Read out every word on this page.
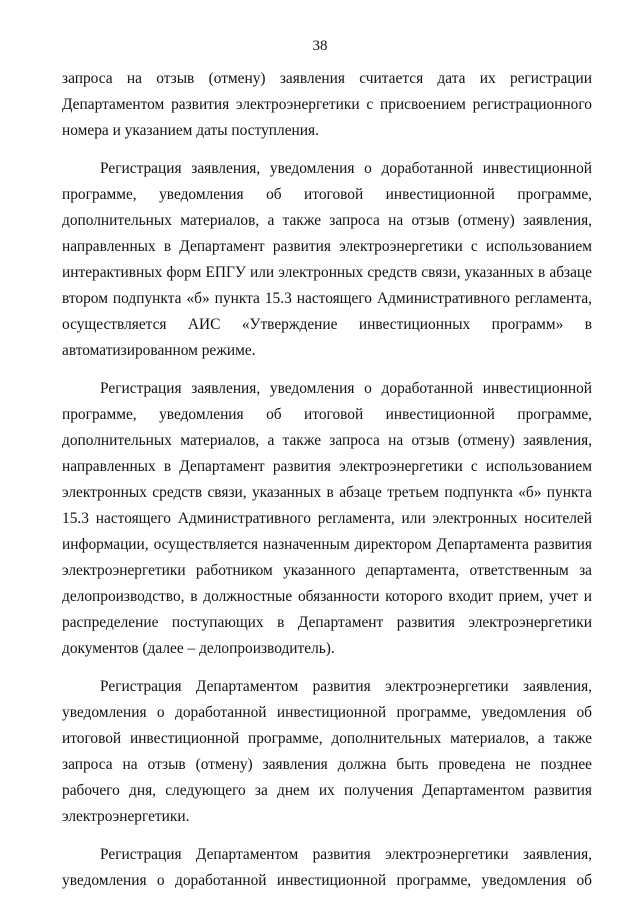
38

запроса на отзыв (отмену) заявления считается дата их регистрации Департаментом развития электроэнергетики с присвоением регистрационного номера и указанием даты поступления.

Регистрация заявления, уведомления о доработанной инвестиционной программе, уведомления об итоговой инвестиционной программе, дополнительных материалов, а также запроса на отзыв (отмену) заявления, направленных в Департамент развития электроэнергетики с использованием интерактивных форм ЕПГУ или электронных средств связи, указанных в абзаце втором подпункта «б» пункта 15.3 настоящего Административного регламента, осуществляется АИС «Утверждение инвестиционных программ» в автоматизированном режиме.

Регистрация заявления, уведомления о доработанной инвестиционной программе, уведомления об итоговой инвестиционной программе, дополнительных материалов, а также запроса на отзыв (отмену) заявления, направленных в Департамент развития электроэнергетики с использованием электронных средств связи, указанных в абзаце третьем подпункта «б» пункта 15.3 настоящего Административного регламента, или электронных носителей информации, осуществляется назначенным директором Департамента развития электроэнергетики работником указанного департамента, ответственным за делопроизводство, в должностные обязанности которого входит прием, учет и распределение поступающих в Департамент развития электроэнергетики документов (далее – делопроизводитель).

Регистрация Департаментом развития электроэнергетики заявления, уведомления о доработанной инвестиционной программе, уведомления об итоговой инвестиционной программе, дополнительных материалов, а также запроса на отзыв (отмену) заявления должна быть проведена не позднее рабочего дня, следующего за днем их получения Департаментом развития электроэнергетики.

Регистрация Департаментом развития электроэнергетики заявления, уведомления о доработанной инвестиционной программе, уведомления об
